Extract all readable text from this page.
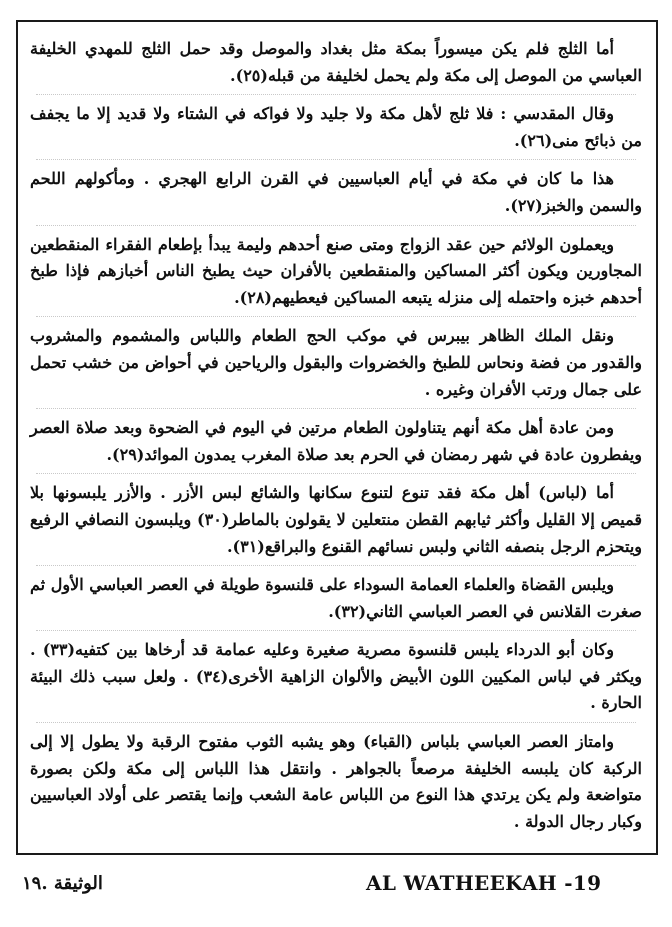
أما الثلج فلم يكن ميسوراً بمكة مثل بغداد والموصل وقد حمل الثلج للمهدي الخليفة العباسي من الموصل إلى مكة ولم يحمل لخليفة من قبله(٢٥).

وقال المقدسي : فلا ثلج لأهل مكة ولا جليد ولا فواكه في الشتاء ولا قديد إلا ما يجفف من ذبائح منى(٢٦).

هذا ما كان في مكة في أيام العباسيين في القرن الرابع الهجري . ومأكولهم اللحم والسمن والخبز(٢٧).

ويعملون الولائم حين عقد الزواج ومتى صنع أحدهم وليمة يبدأ بإطعام الفقراء المنقطعين المجاورين ويكون أكثر المساكين والمنقطعين بالأفران حيث يطبخ الناس أخبازهم فإذا طبخ أحدهم خبزه واحتمله إلى منزله يتبعه المساكين فيعطيهم(٢٨).

ونقل الملك الظاهر بيبرس في موكب الحج الطعام واللباس والمشموم والمشروب والقدور من فضة ونحاس للطبخ والخضروات والبقول والرياحين في أحواض من خشب تحمل على جمال ورتب الأفران وغيره .

ومن عادة أهل مكة أنهم يتناولون الطعام مرتين في اليوم في الضحوة وبعد صلاة العصر ويفطرون عادة في شهر رمضان في الحرم بعد صلاة المغرب يمدون الموائد(٢٩).

أما (لباس) أهل مكة فقد تنوع لتنوع سكانها والشائع لبس الأزر . والأزر يلبسونها بلا قميص إلا القليل وأكثر ثيابهم القطن منتعلين لا يقولون بالماطر(٣٠) ويلبسون النصافي الرفيع ويتحزم الرجل بنصفه الثاني ولبس نسائهم القنوع والبراقع(٣١).

ويلبس القضاة والعلماء العمامة السوداء على قلنسوة طويلة في العصر العباسي الأول ثم صغرت القلانس في العصر العباسي الثاني(٣٢).

وكان أبو الدرداء يلبس قلنسوة مصرية صغيرة وعليه عمامة قد أرخاها بين كتفيه(٣٣) . ويكثر في لباس المكيين اللون الأبيض والألوان الزاهية الأخرى(٣٤) . ولعل سبب ذلك البيئة الحارة .

وامتاز العصر العباسي بلباس (القباء) وهو يشبه الثوب مفتوح الرقبة ولا يطول إلا إلى الركبة كان يلبسه الخليفة مرصعاً بالجواهر . وانتقل هذا اللباس إلى مكة ولكن بصورة متواضعة ولم يكن يرتدي هذا النوع من اللباس عامة الشعب وإنما يقتصر على أولاد العباسيين وكبار رجال الدولة .

AL WATHEEKAH -19
الوثيقة .١٩
